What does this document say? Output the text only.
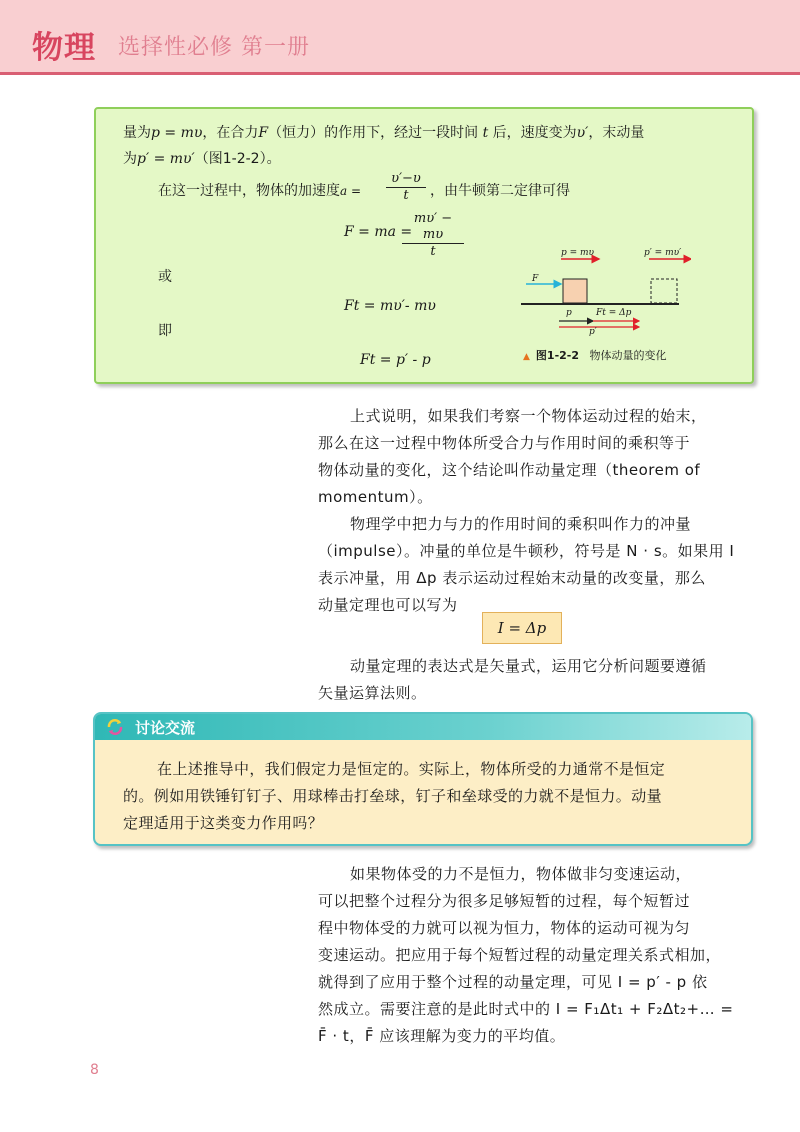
物理 选择性必修 第一册
量为p = mυ，在合力F（恒力）的作用下，经过一段时间 t 后，速度变为υ′，末动量
为p′ = mυ′（图1-2-2）。
在这一过程中，物体的加速度$a = \frac{\upsilon'-\upsilon}{t}$ ，由牛顿第二定律可得
F = ma =
$\frac{m\upsilon' - m\upsilon}{t}$
或
Ft = mυ′- mυ
即
Ft = p′ - p
p = mυ	p′ = mυ′
F
p	Ft = Δp
p′
▲ 图1-2-2 物体动量的变化
上式说明，如果我们考察一个物体运动过程的始末，
那么在这一过程中物体所受合力与作用时间的乘积等于
物体动量的变化，这个结论叫作动量定理（theorem of
momentum）。
物理学中把力与力的作用时间的乘积叫作力的冲量
（impulse）。冲量的单位是牛顿秒，符号是 N · s。如果用 I
表示冲量，用 Δp 表示运动过程始末动量的改变量，那么
动量定理也可以写为
I = Δp
动量定理的表达式是矢量式，运用它分析问题要遵循
矢量运算法则。
讨论交流
在上述推导中，我们假定力是恒定的。实际上，物体所受的力通常不是恒定
的。例如用铁锤钉钉子、用球棒击打垒球，钉子和垒球受的力就不是恒力。动量
定理适用于这类变力作用吗？
如果物体受的力不是恒力，物体做非匀变速运动，
可以把整个过程分为很多足够短暂的过程，每个短暂过
程中物体受的力就可以视为恒力，物体的运动可视为匀
变速运动。把应用于每个短暂过程的动量定理关系式相加，
就得到了应用于整个过程的动量定理，可见 I = p′ - p 依
然成立。需要注意的是此时式中的 I = F₁Δt₁ + F₂Δt₂+… =
F̄ · t，F̄ 应该理解为变力的平均值。
8
